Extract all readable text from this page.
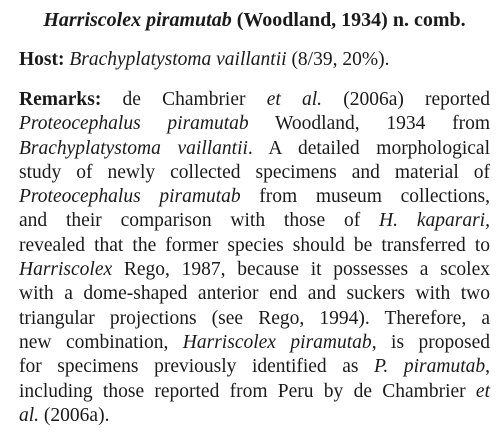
Harriscolex piramutab (Woodland, 1934) n. comb.

Host: Brachyplatystoma vaillantii (8/39, 20%).

Remarks: de Chambrier et al. (2006a) reported
Proteocephalus piramutab Woodland, 1934 from
Brachyplatystoma vaillantii. A detailed morphological
study of newly collected specimens and material of
Proteocephalus piramutab from museum collections,
and their comparison with those of H. kaparari,
revealed that the former species should be transferred to
Harriscolex Rego, 1987, because it possesses a scolex
with a dome-shaped anterior end and suckers with two
triangular projections (see Rego, 1994). Therefore, a
new combination, Harriscolex piramutab, is proposed
for specimens previously identified as P. piramutab,
including those reported from Peru by de Chambrier et
al. (2006a).
